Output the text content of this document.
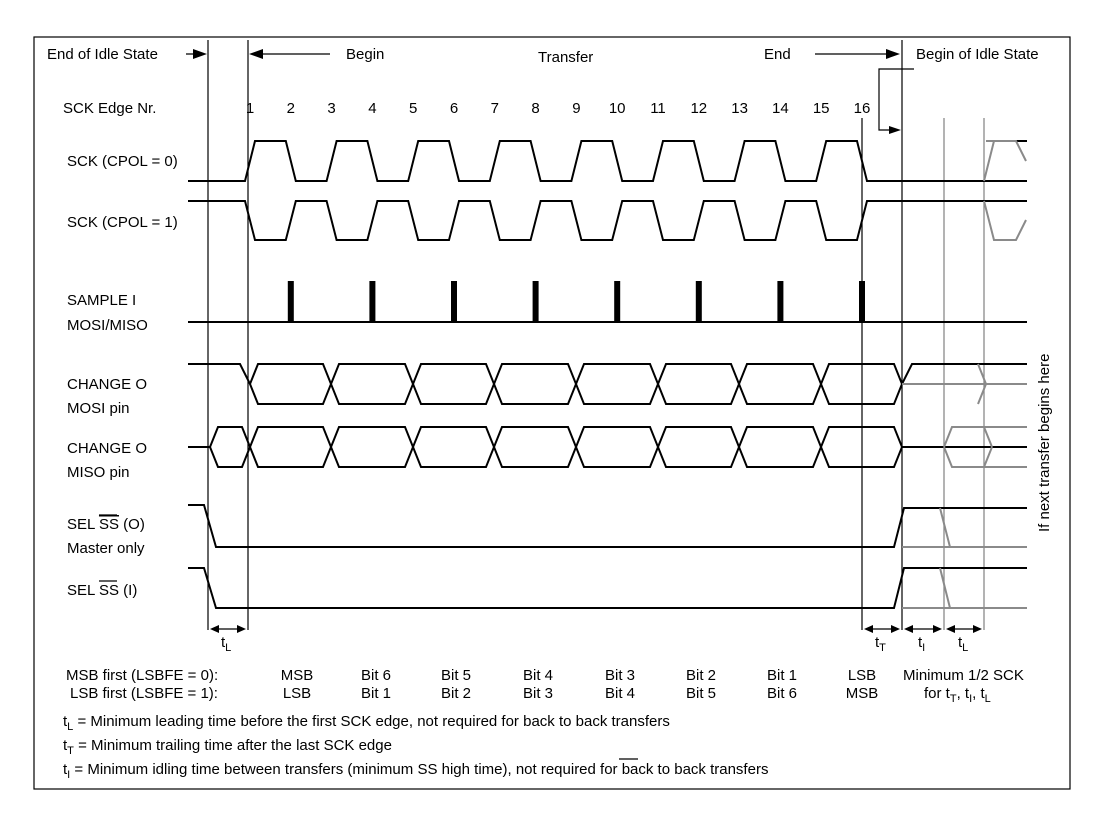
End of Idle State	Begin	Transfer	End	Begin of Idle State
SCK Edge Nr.	1 2 3 4 5 6 7 8 9 10 11 12 13 14 15 16
SCK (CPOL = 0)
SCK (CPOL = 1)
SAMPLE I
MOSI/MISO
CHANGE O
MOSI pin
CHANGE O
MISO pin
SEL SS (O)
Master only
SEL SS (I)
If next transfer begins here
$t_L$	$t_T$ $t_I$ $t_L$
MSB first (LSBFE = 0):
LSB first (LSBFE = 1):
MSB	Bit 6	Bit 5	Bit 4	Bit 3	Bit 2	Bit 1	LSB
LSB	Bit 1	Bit 2	Bit 3	Bit 4	Bit 5	Bit 6	MSB
Minimum 1/2 SCK
for $t_T$, $t_I$, $t_L$
$t_L$ = Minimum leading time before the first SCK edge, not required for back to back transfers
$t_T$ = Minimum trailing time after the last SCK edge
$t_I$ = Minimum idling time between transfers (minimum SS high time), not required for back to back transfers
